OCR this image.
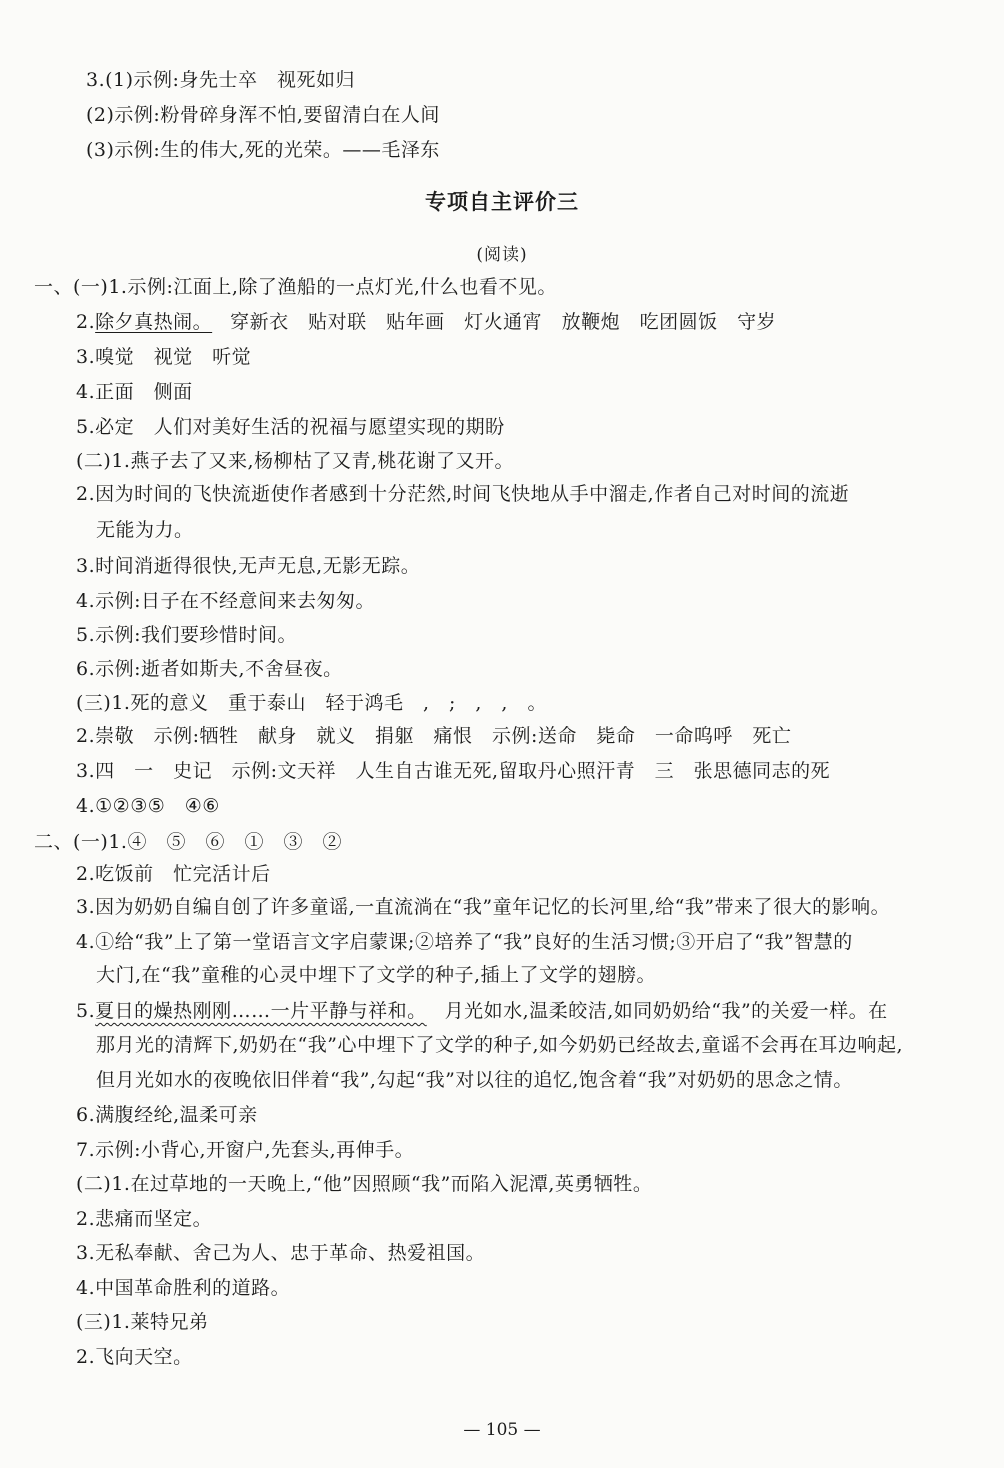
3.(1)示例:身先士卒　视死如归
(2)示例:粉骨碎身浑不怕,要留清白在人间
(3)示例:生的伟大,死的光荣。——毛泽东
专项自主评价三
(阅读)
一、(一)1.示例:江面上,除了渔船的一点灯光,什么也看不见。
2.除夕真热闹。 穿新衣　贴对联　贴年画　灯火通宵　放鞭炮　吃团圆饭　守岁
3.嗅觉　视觉　听觉
4.正面　侧面
5.必定　人们对美好生活的祝福与愿望实现的期盼
(二)1.燕子去了又来,杨柳枯了又青,桃花谢了又开。
2.因为时间的飞快流逝使作者感到十分茫然,时间飞快地从手中溜走,作者自己对时间的流逝
无能为力。
3.时间消逝得很快,无声无息,无影无踪。
4.示例:日子在不经意间来去匆匆。
5.示例:我们要珍惜时间。
6.示例:逝者如斯夫,不舍昼夜。
(三)1.死的意义　重于泰山　轻于鸿毛　,　;　,　,　。
2.崇敬　示例:牺牲　献身　就义　捐躯　痛恨　示例:送命　毙命　一命呜呼　死亡
3.四　一　史记　示例:文天祥　人生自古谁无死,留取丹心照汗青　三　张思德同志的死
4.①②③⑤　④⑥
二、(一)1.④　⑤　⑥　①　③　②
2.吃饭前　忙完活计后
3.因为奶奶自编自创了许多童谣,一直流淌在“我”童年记忆的长河里,给“我”带来了很大的影响。
4.①给“我”上了第一堂语言文字启蒙课;②培养了“我”良好的生活习惯;③开启了“我”智慧的
大门,在“我”童稚的心灵中埋下了文学的种子,插上了文学的翅膀。
5.夏日的燥热刚刚……一片平静与祥和。 月光如水,温柔皎洁,如同奶奶给“我”的关爱一样。在
那月光的清辉下,奶奶在“我”心中埋下了文学的种子,如今奶奶已经故去,童谣不会再在耳边响起,
但月光如水的夜晚依旧伴着“我”,勾起“我”对以往的追忆,饱含着“我”对奶奶的思念之情。
6.满腹经纶,温柔可亲
7.示例:小背心,开窗户,先套头,再伸手。
(二)1.在过草地的一天晚上,“他”因照顾“我”而陷入泥潭,英勇牺牲。
2.悲痛而坚定。
3.无私奉献、舍己为人、忠于革命、热爱祖国。
4.中国革命胜利的道路。
(三)1.莱特兄弟
2.飞向天空。
— 105 —
